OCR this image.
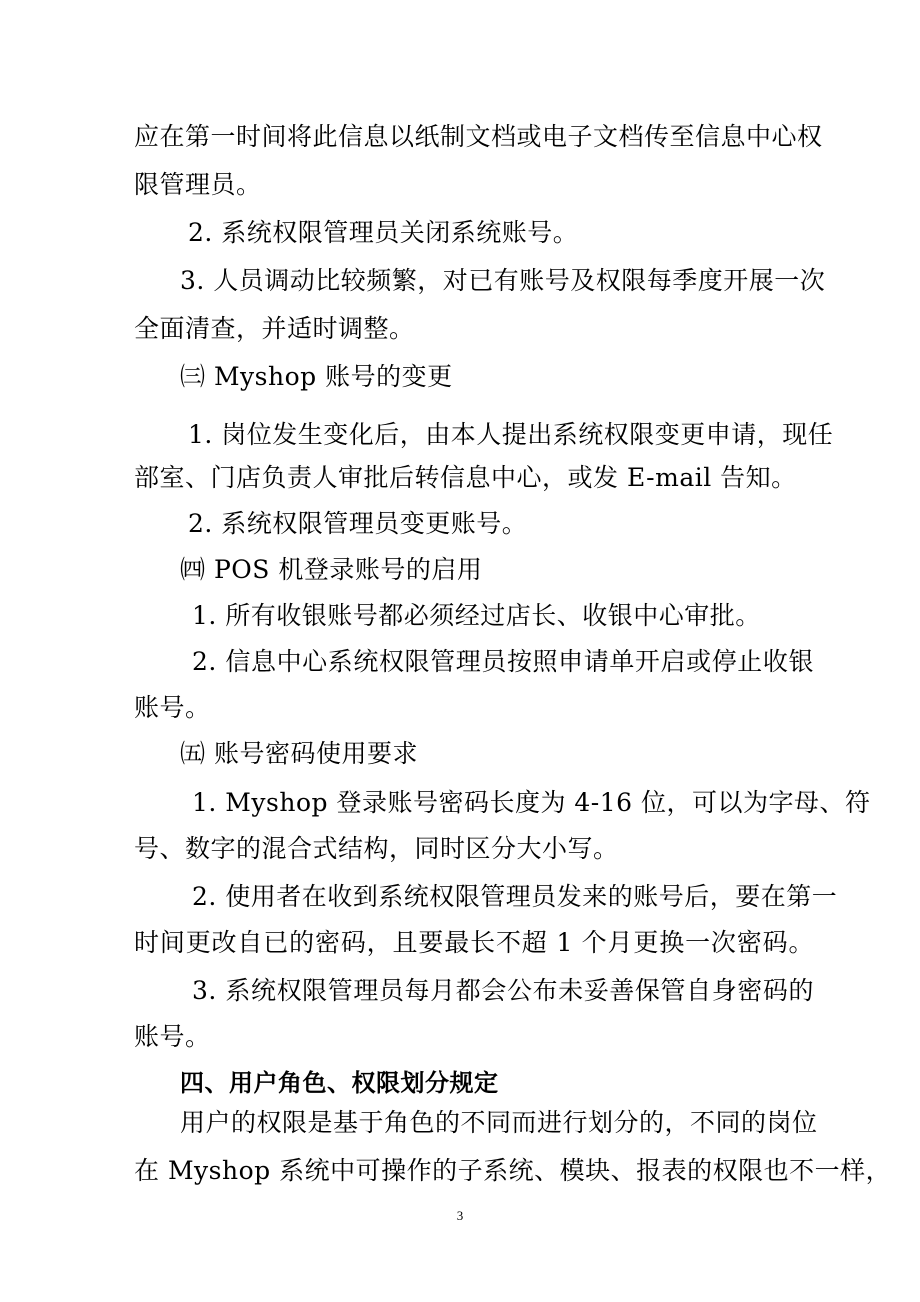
应在第一时间将此信息以纸制文档或电子文档传至信息中心权
限管理员。
2. 系统权限管理员关闭系统账号。
3. 人员调动比较频繁，对已有账号及权限每季度开展一次
全面清查，并适时调整。
㈢ Myshop 账号的变更
1. 岗位发生变化后，由本人提出系统权限变更申请，现任
部室、门店负责人审批后转信息中心，或发 E-mail 告知。
2. 系统权限管理员变更账号。
㈣ POS 机登录账号的启用
1. 所有收银账号都必须经过店长、收银中心审批。
2. 信息中心系统权限管理员按照申请单开启或停止收银
账号。
㈤ 账号密码使用要求
1. Myshop 登录账号密码长度为 4-16 位，可以为字母、符
号、数字的混合式结构，同时区分大小写。
2. 使用者在收到系统权限管理员发来的账号后，要在第一
时间更改自已的密码，且要最长不超 1 个月更换一次密码。
3. 系统权限管理员每月都会公布未妥善保管自身密码的
账号。
四、用户角色、权限划分规定
用户的权限是基于角色的不同而进行划分的，不同的岗位
在 Myshop 系统中可操作的子系统、模块、报表的权限也不一样，
3
